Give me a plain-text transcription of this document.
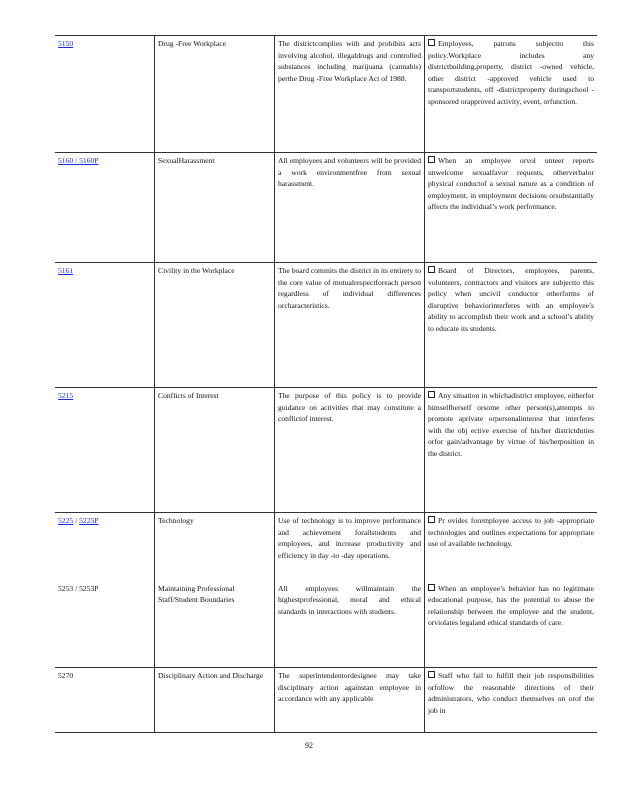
5150	Drug -Free Workplace	The districtcomplies with and prohibits acts involving alcohol, illegaldrugs and controlled substances including marijuana (cannabis) perthe Drug -Free Workplace Act of 1988.	Employees, patrons subjectto this policy.Workplace includes any districtbuilding,property, district -owned vehicle, other district -approved vehicle used to transportstudents, off -districtproperty duringschool -sponsored orapproved activity, event, orfunction.
5160 / 5160P	SexualHarassment	All employees and volunteers will be provided a work environmentfree from sexual harassment.	When an employee orvol unteer reports unwelcome sexualfavor requests, otherverbalor physical conductof a sexual nature as a condition of employment, in employment decisions orsubstantially affects the individual’s work performance.
5161	Civility in the Workplace	The board commits the district in its entirety to the core value of mutualrespectforeach person regardless of individual differences orcharacteristics.	Board of Directors, employees, parents, volunteers, contractors and visitors are subjectto this policy when uncivil conductor otherforms of disruptive behaviorinterferes with an employee’s ability to accomplish their work and a school’s ability to educate its students.
5215	Conflicts of Interest	The purpose of this policy is to provide guidance on activities that may constitute a conflictof interest.	Any situation in whichadistrict employee, eitherfor himselfherself orsome other person(s),attempts to promote aprivate orpersonalinterest that interferes with the obj ective exercise of his/her districtduties orfor gain/advantage by virtue of his/herposition in the district.
5225 / 5225P	Technology	Use of technology is to improve performance and achievement forallstudents and employees, and increase productivity and efficiency in day -to -day operations.	Pr ovides foremployee access to job -appropriate technologies and outlines expectations for appropriate use of available technology.
5253 / 5253P	Maintaining Professional Staff/Student Boundaries	All employees willmaintain the highestprofessional, moral and ethical standards in interactions with students.	When an employee’s behavior has no legitimate educational purpose, has the potential to abuse the relationship between the employee and the student, orviolates legaland ethical standards of care.
5270	Disciplinary Action and Discharge	The superintendentordesignee may take disciplinary action againstan employee in accordance with any applicable	Staff who fail to fulfill their job responsibilities orfollow the reasonable directions of their administrators, who conduct themselves on orof the job in
92
